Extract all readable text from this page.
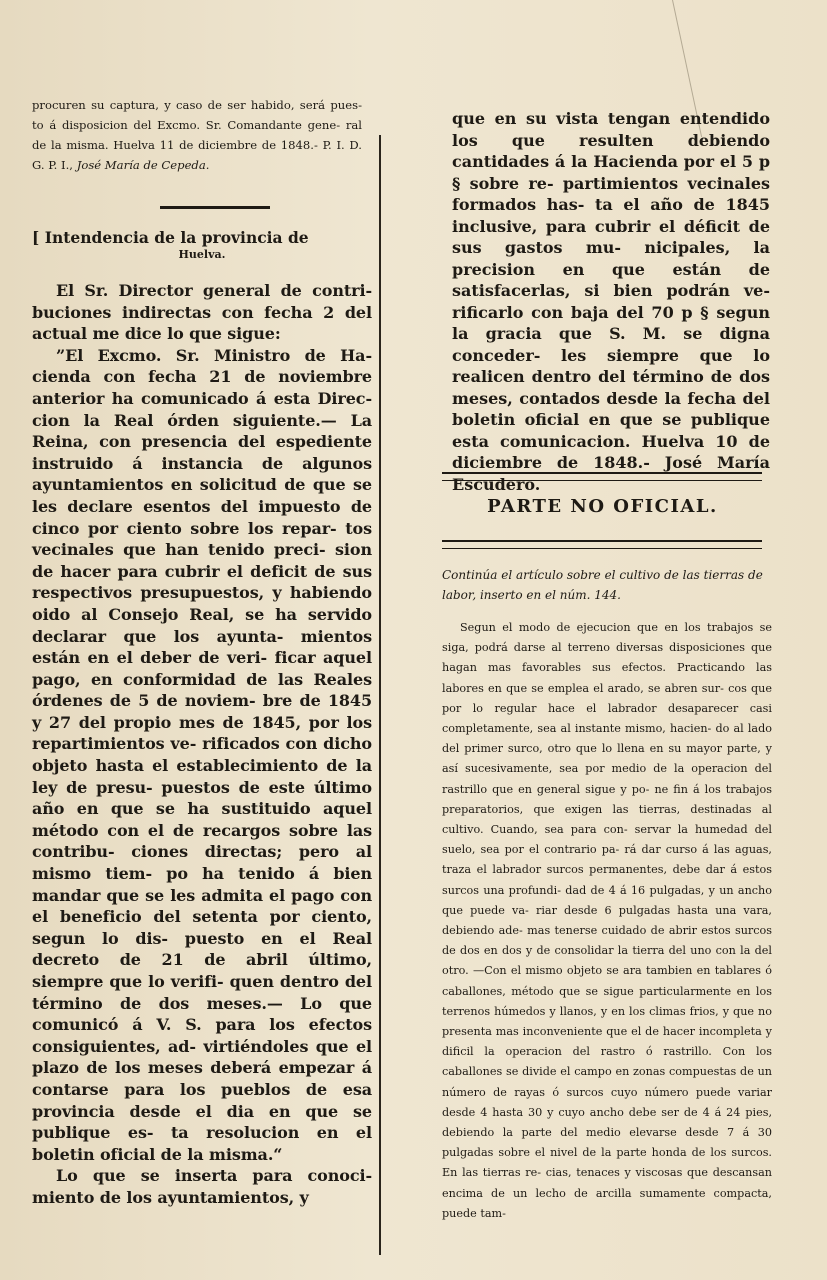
procuren su captura, y caso de ser habido, será pues- to á disposicion del Excmo. Sr. Comandante gene- ral de la misma. Huelva 11 de diciembre de 1848.- P. I. D. G. P. I., José María de Cepeda.
[ Intendencia de la provincia de
Huelva.

El Sr. Director general de contri- buciones indirectas con fecha 2 del actual me dice lo que sigue:

”El Excmo. Sr. Ministro de Ha- cienda con fecha 21 de noviembre anterior ha comunicado á esta Direc- cion la Real órden siguiente.— La Reina, con presencia del espediente instruido á instancia de algunos ayuntamientos en solicitud de que se les declare esentos del impuesto de cinco por ciento sobre los repar- tos vecinales que han tenido preci- sion de hacer para cubrir el deficit de sus respectivos presupuestos, y habiendo oido al Consejo Real, se ha servido declarar que los ayunta- mientos están en el deber de veri- ficar aquel pago, en conformidad de las Reales órdenes de 5 de noviem- bre de 1845 y 27 del propio mes de 1845, por los repartimientos ve- rificados con dicho objeto hasta el establecimiento de la ley de presu- puestos de este último año en que se ha sustituido aquel método con el de recargos sobre las contribu- ciones directas; pero al mismo tiem- po ha tenido á bien mandar que se les admita el pago con el beneficio del setenta por ciento, segun lo dis- puesto en el Real decreto de 21 de abril último, siempre que lo verifi- quen dentro del término de dos meses.— Lo que comunicó á V. S. para los efectos consiguientes, ad- virtiéndoles que el plazo de los meses deberá empezar á contarse para los pueblos de esa provincia desde el dia en que se publique es- ta resolucion en el boletin oficial de la misma.“

Lo que se inserta para conoci- miento de los ayuntamientos, y

que en su vista tengan entendido los que resulten debiendo cantidades á la Hacienda por el 5 p § sobre re- partimientos vecinales formados has- ta el año de 1845 inclusive, para cubrir el déficit de sus gastos mu- nicipales, la precision en que están de satisfacerlas, si bien podrán ve- rificarlo con baja del 70 p § segun la gracia que S. M. se digna conceder- les siempre que lo realicen dentro del término de dos meses, contados desde la fecha del boletin oficial en que se publique esta comunicacion. Huelva 10 de diciembre de 1848.- José María Escudero.

PARTE NO OFICIAL.
Continúa el artículo sobre el cultivo de las tierras de labor, inserto en el núm. 144.

Segun el modo de ejecucion que en los trabajos se siga, podrá darse al terreno diversas disposiciones que hagan mas favorables sus efectos. Practicando las labores en que se emplea el arado, se abren sur- cos que por lo regular hace el labrador desaparecer casi completamente, sea al instante mismo, hacien- do al lado del primer surco, otro que lo llena en su mayor parte, y así sucesivamente, sea por medio de la operacion del rastrillo que en general sigue y po- ne fin á los trabajos preparatorios, que exigen las tierras, destinadas al cultivo. Cuando, sea para con- servar la humedad del suelo, sea por el contrario pa- rá dar curso á las aguas, traza el labrador surcos permanentes, debe dar á estos surcos una profundi- dad de 4 á 16 pulgadas, y un ancho que puede va- riar desde 6 pulgadas hasta una vara, debiendo ade- mas tenerse cuidado de abrir estos surcos de dos en dos y de consolidar la tierra del uno con la del otro. —Con el mismo objeto se ara tambien en tablares ó caballones, método que se sigue particularmente en los terrenos húmedos y llanos, y en los climas frios, y que no presenta mas inconveniente que el de hacer incompleta y dificil la operacion del rastro ó rastrillo. Con los caballones se divide el campo en zonas compuestas de un número de rayas ó surcos cuyo número puede variar desde 4 hasta 30 y cuyo ancho debe ser de 4 á 24 pies, debiendo la parte del medio elevarse desde 7 á 30 pulgadas sobre el nivel de la parte honda de los surcos. En las tierras re- cias, tenaces y viscosas que descansan encima de un lecho de arcilla sumamente compacta, puede tam-
